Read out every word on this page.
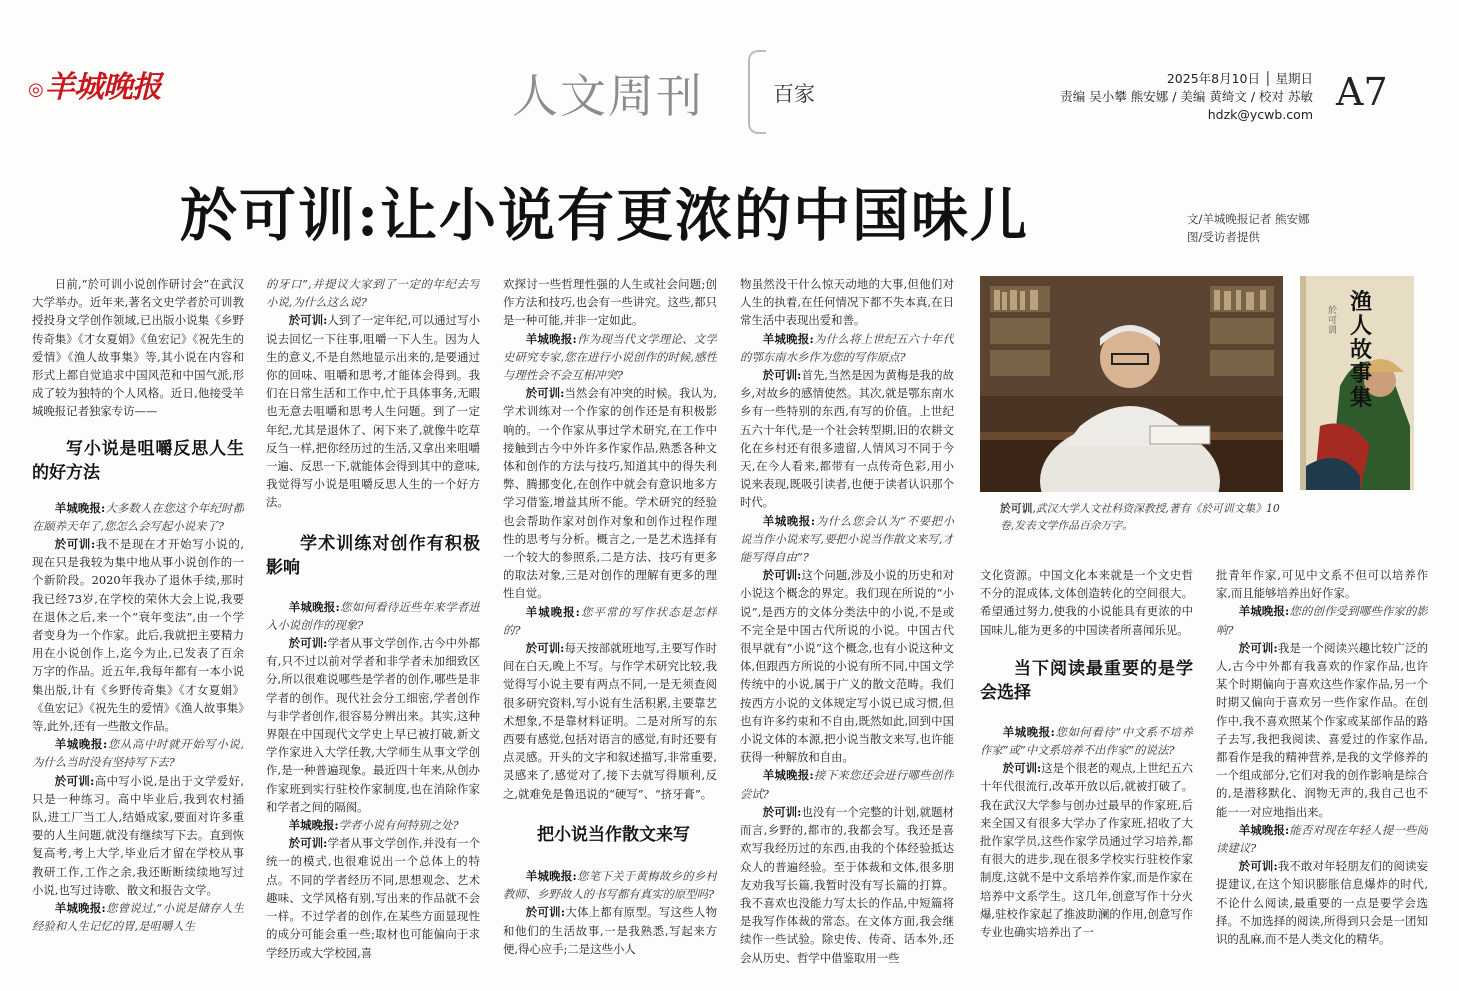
◎羊城晚报	人文周刊	百家
2025年8月10日 │ 星期日
责编 吴小攀 熊安娜 / 美编 黄绮文 / 校对 苏敏
hdzk@ycwb.com
A7
於可训:让小说有更浓的中国味儿	文/羊城晚报记者 熊安娜
图/受访者提供

日前,“於可训小说创作研讨会”在武汉大学举办。近年来,著名文史学者於可训教授投身文学创作领域,已出版小说集《乡野传奇集》《才女夏娟》《鱼宏记》《祝先生的爱情》《渔人故事集》等,其小说在内容和形式上都自觉追求中国风范和中国气派,形成了较为独特的个人风格。近日,他接受羊城晚报记者独家专访——

写小说是咀嚼反思人生的好方法

羊城晚报:大多数人在您这个年纪时都在颐养天年了,您怎么会写起小说来了?

於可训:我不是现在才开始写小说的,现在只是我较为集中地从事小说创作的一个新阶段。2020年我办了退休手续,那时我已经73岁,在学校的荣休大会上说,我要在退休之后,来一个“衰年变法”,由一个学者变身为一个作家。此后,我就把主要精力用在小说创作上,迄今为止,已发表了百余万字的作品。近五年,我每年都有一本小说集出版,计有《乡野传奇集》《才女夏娟》《鱼宏记》《祝先生的爱情》《渔人故事集》等,此外,还有一些散文作品。

羊城晚报:您从高中时就开始写小说,为什么当时没有坚持写下去?

於可训:高中写小说,是出于文学爱好,只是一种练习。高中毕业后,我到农村插队,进工厂当工人,结婚成家,要面对许多重要的人生问题,就没有继续写下去。直到恢复高考,考上大学,毕业后才留在学校从事教研工作,工作之余,我还断断续续地写过小说,也写过诗歌、散文和报告文学。

羊城晚报:您曾说过,“小说是储存人生经验和人生记忆的胃,是咀嚼人生

的牙口”,并提议大家到了一定的年纪去写小说,为什么这么说?

於可训:人到了一定年纪,可以通过写小说去回忆一下往事,咀嚼一下人生。因为人生的意义,不是自然地显示出来的,是要通过你的回味、咀嚼和思考,才能体会得到。我们在日常生活和工作中,忙于具体事务,无暇也无意去咀嚼和思考人生问题。到了一定年纪,尤其是退休了、闲下来了,就像牛吃草反刍一样,把你经历过的生活,又拿出来咀嚼一遍、反思一下,就能体会得到其中的意味,我觉得写小说是咀嚼反思人生的一个好方法。

学术训练对创作有积极影响

羊城晚报:您如何看待近些年来学者进入小说创作的现象?

於可训:学者从事文学创作,古今中外都有,只不过以前对学者和非学者未加细致区分,所以很难说哪些是学者的创作,哪些是非学者的创作。现代社会分工细密,学者创作与非学者创作,很容易分辨出来。其实,这种界限在中国现代文学史上早已被打破,新文学作家进入大学任教,大学师生从事文学创作,是一种普遍现象。最近四十年来,从创办作家班到实行驻校作家制度,也在消除作家和学者之间的隔阂。

羊城晚报:学者小说有何特别之处?

於可训:学者从事文学创作,并没有一个统一的模式,也很难说出一个总体上的特点。不同的学者经历不同,思想观念、艺术趣味、文学风格有别,写出来的作品就不会一样。不过学者的创作,在某些方面显现性的成分可能会重一些;取材也可能偏向于求学经历或大学校园,喜

欢探讨一些哲理性强的人生或社会问题;创作方法和技巧,也会有一些讲究。这些,都只是一种可能,并非一定如此。

羊城晚报:作为现当代文学理论、文学史研究专家,您在进行小说创作的时候,感性与理性会不会互相冲突?

於可训:当然会有冲突的时候。我认为,学术训练对一个作家的创作还是有积极影响的。一个作家从事过学术研究,在工作中接触到古今中外许多作家作品,熟悉各种文体和创作的方法与技巧,知道其中的得失利弊、腾挪变化,在创作中就会有意识地多方学习借鉴,增益其所不能。学术研究的经验也会帮助作家对创作对象和创作过程作理性的思考与分析。概言之,一是艺术选择有一个较大的参照系,二是方法、技巧有更多的取法对象,三是对创作的理解有更多的理性自觉。

羊城晚报:您平常的写作状态是怎样的?

於可训:每天按部就班地写,主要写作时间在白天,晚上不写。与作学术研究比较,我觉得写小说主要有两点不同,一是无须查阅很多研究资料,写小说有生活积累,主要靠艺术想象,不是靠材料证明。二是对所写的东西要有感觉,包括对语言的感觉,有时还要有点灵感。开头的文字和叙述描写,非常重要,灵感来了,感觉对了,接下去就写得顺利,反之,就难免是鲁迅说的“硬写”、“挤牙膏”。

把小说当作散文来写

羊城晚报:您笔下关于黄梅故乡的乡村教师、乡野故人的书写都有真实的原型吗?

於可训:大体上都有原型。写这些人物和他们的生活故事,一是我熟悉,写起来方便,得心应手;二是这些小人

物虽然没干什么惊天动地的大事,但他们对人生的执着,在任何情况下都不失本真,在日常生活中表现出爱和善。

羊城晚报:为什么将上世纪五六十年代的鄂东南水乡作为您的写作原点?

於可训:首先,当然是因为黄梅是我的故乡,对故乡的感情使然。其次,就是鄂东南水乡有一些特别的东西,有写的价值。上世纪五六十年代,是一个社会转型期,旧的农耕文化在乡村还有很多遗留,人情风习不同于今天,在今人看来,都带有一点传奇色彩,用小说来表现,既吸引读者,也便于读者认识那个时代。

羊城晚报:为什么您会认为“不要把小说当作小说来写,要把小说当作散文来写,才能写得自由”?

於可训:这个问题,涉及小说的历史和对小说这个概念的界定。我们现在所说的“小说”,是西方的文体分类法中的小说,不是或不完全是中国古代所说的小说。中国古代很早就有“小说”这个概念,也有小说这种文体,但跟西方所说的小说有所不同,中国文学传统中的小说,属于广义的散文范畴。我们按西方小说的文体规定写小说已成习惯,但也有许多约束和不自由,既然如此,回到中国小说文体的本源,把小说当散文来写,也许能获得一种解放和自由。

羊城晚报:接下来您还会进行哪些创作尝试?

於可训:也没有一个完整的计划,就题材而言,乡野的,都市的,我都会写。我还是喜欢写我经历过的东西,由我的个体经验抵达众人的普遍经验。至于体裁和文体,很多朋友劝我写长篇,我暂时没有写长篇的打算。我不喜欢也没能力写太长的作品,中短篇将是我写作体裁的常态。在文体方面,我会继续作一些试验。除史传、传奇、话本外,还会从历史、哲学中借鉴取用一些

渔人故事集
於可训
於可训,武汉大学人文社科资深教授,著有《於可训文集》10卷,发表文学作品百余万字。

文化资源。中国文化本来就是一个文史哲不分的混成体,文体创造转化的空间很大。希望通过努力,使我的小说能具有更浓的中国味儿,能为更多的中国读者所喜闻乐见。

当下阅读最重要的是学会选择

羊城晚报:您如何看待“中文系不培养作家”或“中文系培养不出作家”的说法?

於可训:这是个很老的观点,上世纪五六十年代很流行,改革开放以后,就被打破了。我在武汉大学参与创办过最早的作家班,后来全国又有很多大学办了作家班,招收了大批作家学员,这些作家学员通过学习培养,都有很大的进步,现在很多学校实行驻校作家制度,这就不是中文系培养作家,而是作家在培养中文系学生。这几年,创意写作十分火爆,驻校作家起了推波助澜的作用,创意写作专业也确实培养出了一

批青年作家,可见中文系不但可以培养作家,而且能够培养出好作家。

羊城晚报:您的创作受到哪些作家的影响?

於可训:我是一个阅读兴趣比较广泛的人,古今中外都有我喜欢的作家作品,也许某个时期偏向于喜欢这些作家作品,另一个时期又偏向于喜欢另一些作家作品。在创作中,我不喜欢照某个作家或某部作品的路子去写,我把我阅读、喜爱过的作家作品,都看作是我的精神营养,是我的文学修养的一个组成部分,它们对我的创作影响是综合的,是潜移默化、润物无声的,我自己也不能一一对应地指出来。

羊城晚报:能否对现在年轻人提一些阅读建议?

於可训:我不敢对年轻朋友们的阅读妄提建议,在这个知识膨胀信息爆炸的时代,不论什么阅读,最重要的一点是要学会选择。不加选择的阅读,所得到只会是一团知识的乱麻,而不是人类文化的精华。
